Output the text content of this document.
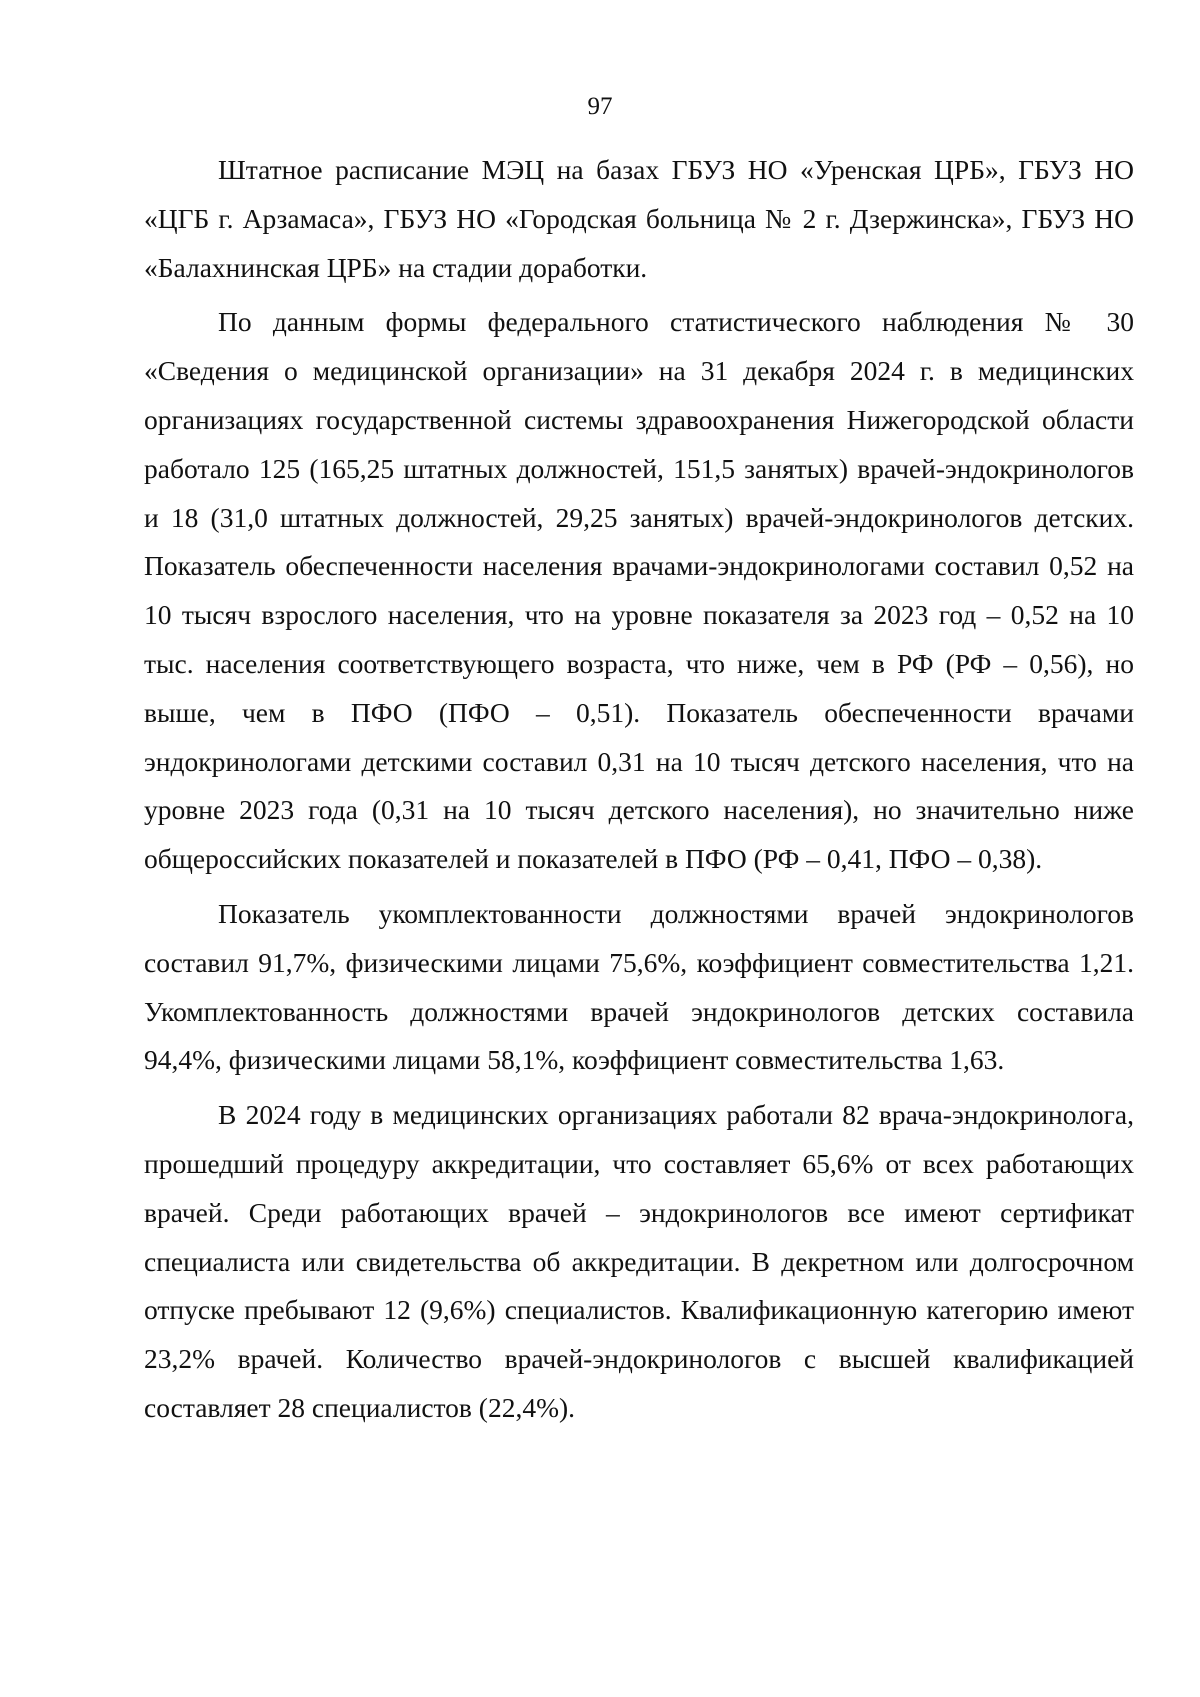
97

Штатное расписание МЭЦ на базах ГБУЗ НО «Уренская ЦРБ», ГБУЗ НО «ЦГБ г. Арзамаса», ГБУЗ НО «Городская больница № 2 г. Дзержинска», ГБУЗ НО «Балахнинская ЦРБ» на стадии доработки.

По данным формы федерального статистического наблюдения № 30 «Сведения о медицинской организации» на 31 декабря 2024 г. в медицинских организациях государственной системы здравоохранения Нижегородской области работало 125 (165,25 штатных должностей, 151,5 занятых) врачей-эндокринологов и 18 (31,0 штатных должностей, 29,25 занятых) врачей-эндокринологов детских. Показатель обеспеченности населения врачами-эндокринологами составил 0,52 на 10 тысяч взрослого населения, что на уровне показателя за 2023 год – 0,52 на 10 тыс. населения соответствующего возраста, что ниже, чем в РФ (РФ – 0,56), но выше, чем в ПФО (ПФО – 0,51). Показатель обеспеченности врачами эндокринологами детскими составил 0,31 на 10 тысяч детского населения, что на уровне 2023 года (0,31 на 10 тысяч детского населения), но значительно ниже общероссийских показателей и показателей в ПФО (РФ – 0,41, ПФО – 0,38).

Показатель укомплектованности должностями врачей эндокринологов составил 91,7%, физическими лицами 75,6%, коэффициент совместительства 1,21. Укомплектованность должностями врачей эндокринологов детских составила 94,4%, физическими лицами 58,1%, коэффициент совместительства 1,63.

В 2024 году в медицинских организациях работали 82 врача-эндокринолога, прошедший процедуру аккредитации, что составляет 65,6% от всех работающих врачей. Среди работающих врачей – эндокринологов все имеют сертификат специалиста или свидетельства об аккредитации. В декретном или долгосрочном отпуске пребывают 12 (9,6%) специалистов. Квалификационную категорию имеют 23,2% врачей. Количество врачей-эндокринологов с высшей квалификацией составляет 28 специалистов (22,4%).
